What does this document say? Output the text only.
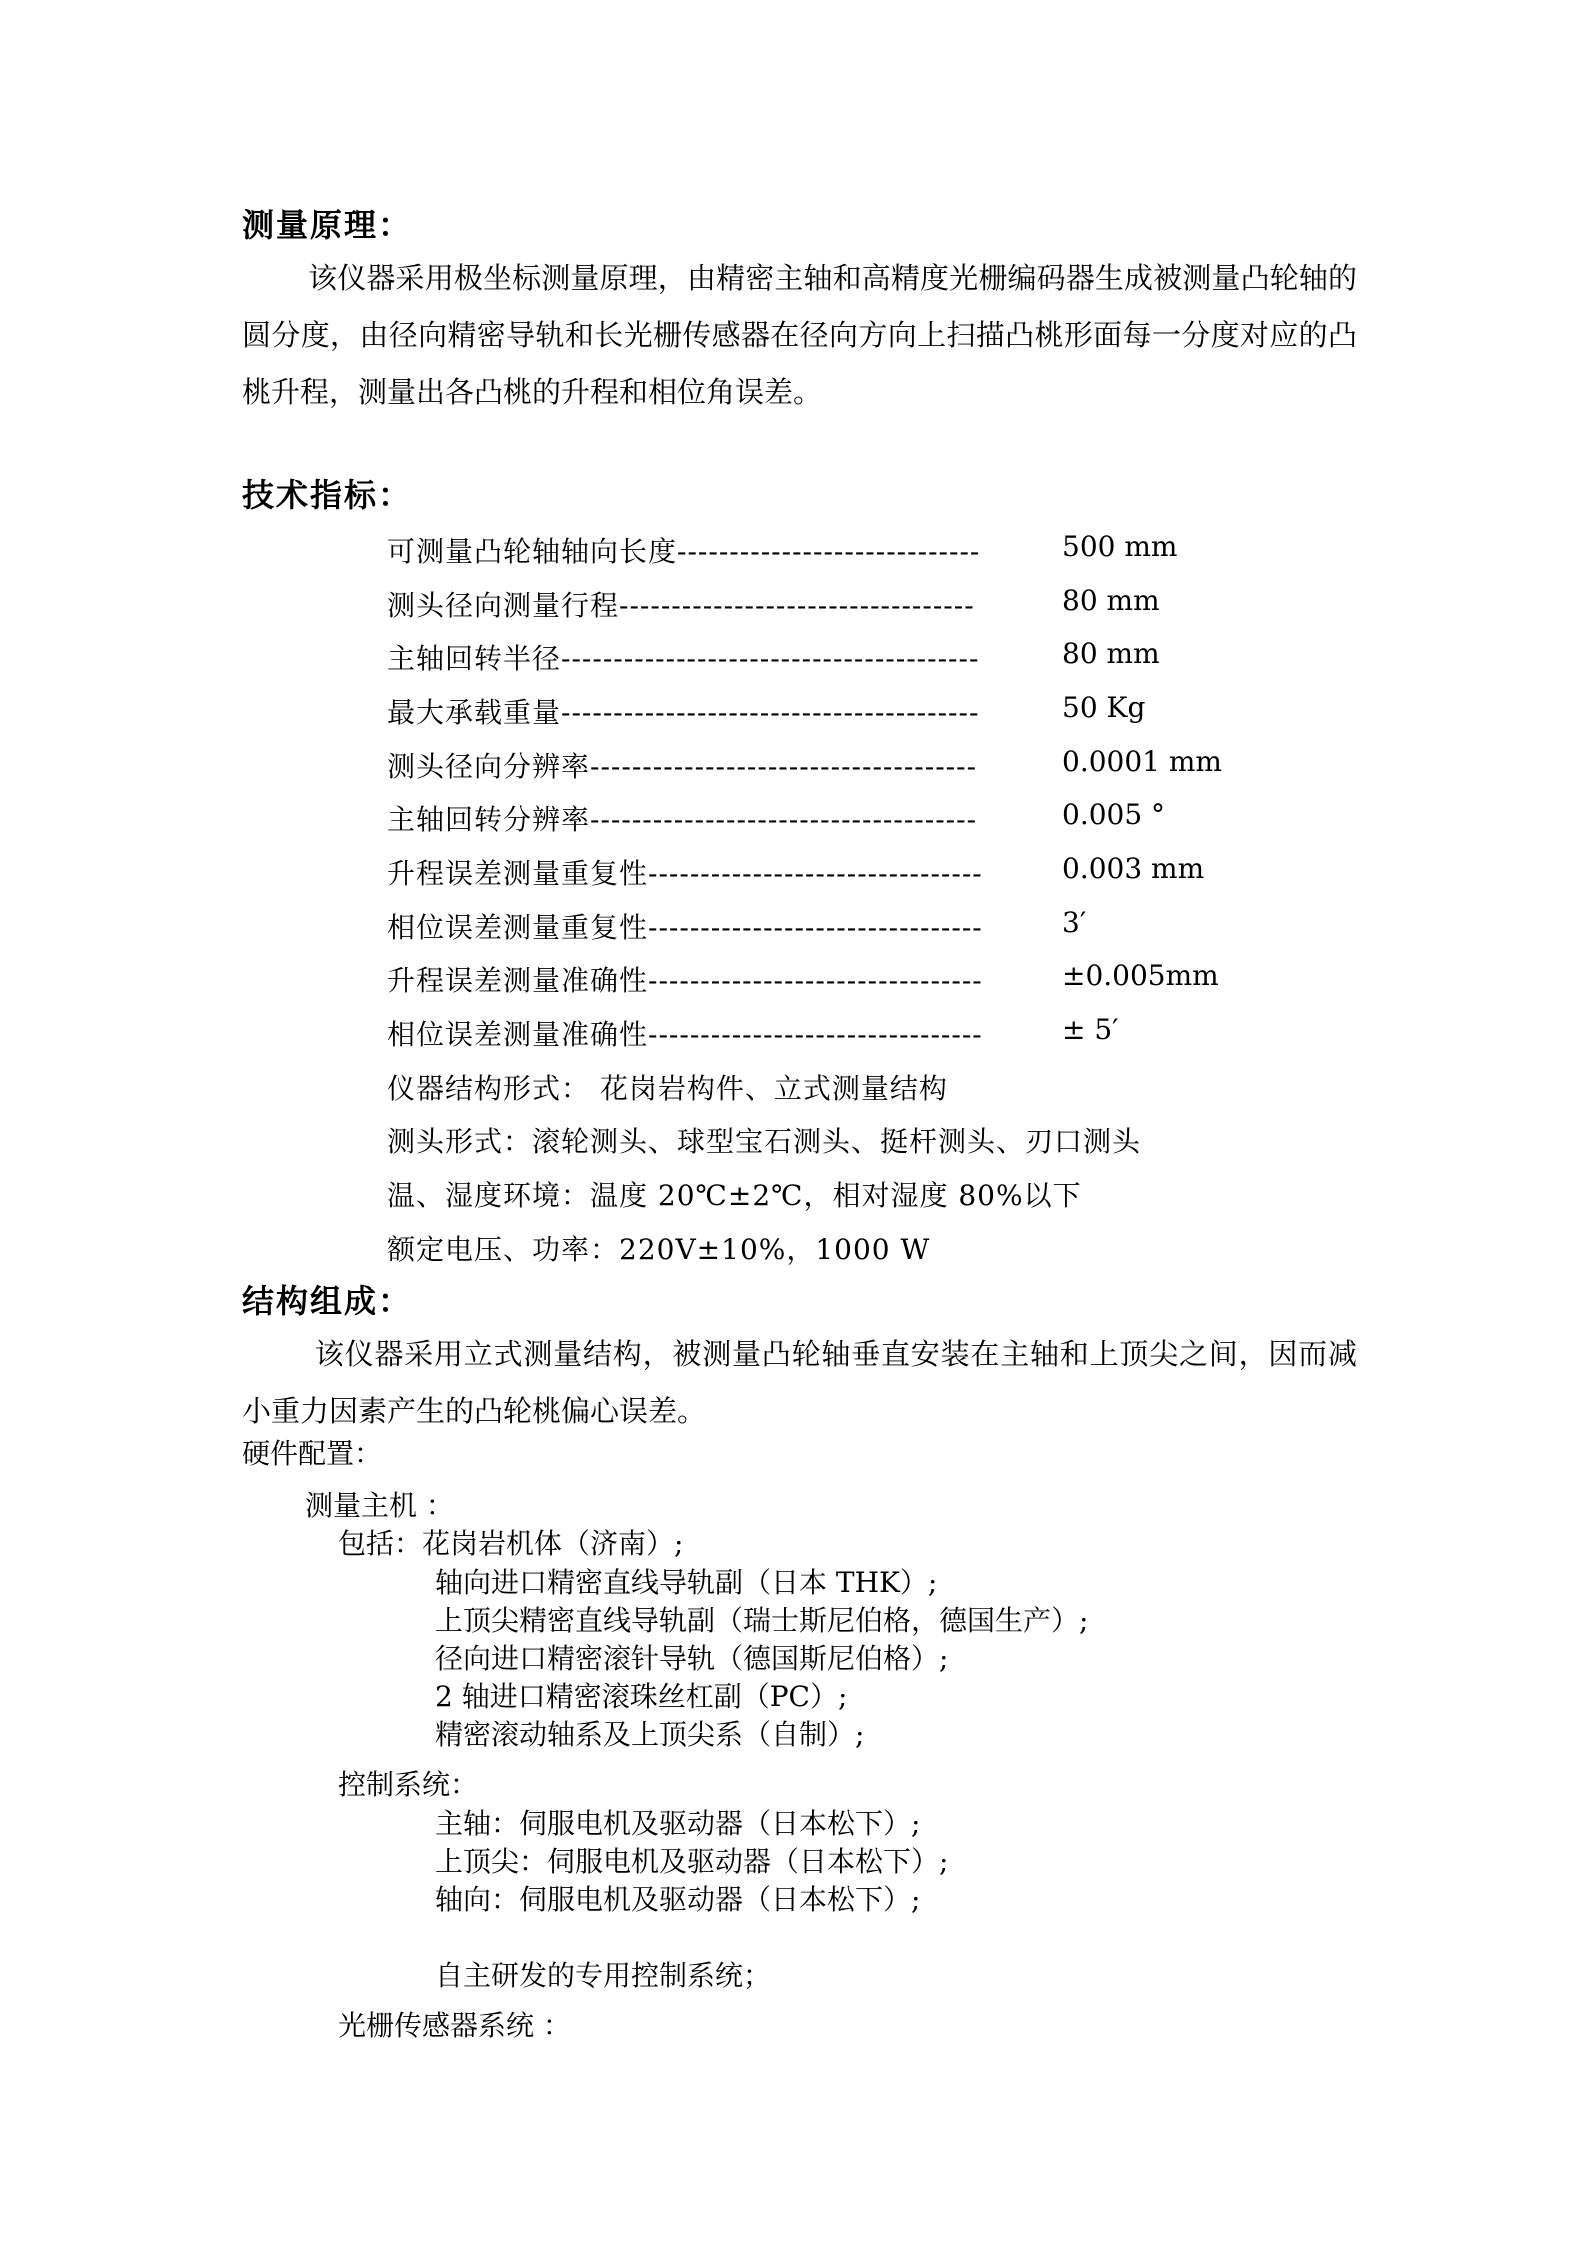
测量原理：

该仪器采用极坐标测量原理，由精密主轴和高精度光栅编码器生成被测量凸轮轴的圆分度，由径向精密导轨和长光栅传感器在径向方向上扫描凸桃形面每一分度对应的凸桃升程，测量出各凸桃的升程和相位角误差。

技术指标：
可测量凸轮轴轴向长度-----------------------------	500 mm
测头径向测量行程----------------------------------	80 mm
主轴回转半径----------------------------------------	80 mm
最大承载重量----------------------------------------	50 Kg
测头径向分辨率-------------------------------------	0.0001 mm
主轴回转分辨率-------------------------------------	0.005 °
升程误差测量重复性--------------------------------	0.003 mm
相位误差测量重复性--------------------------------	3′
升程误差测量准确性--------------------------------	±0.005mm
相位误差测量准确性--------------------------------	± 5′
仪器结构形式： 花岗岩构件、立式测量结构
测头形式：滚轮测头、球型宝石测头、挺杆测头、刃口测头
温、湿度环境：温度 20℃±2℃，相对湿度 80%以下
额定电压、功率：220V±10%，1000 W
结构组成：

该仪器采用立式测量结构，被测量凸轮轴垂直安装在主轴和上顶尖之间，因而减小重力因素产生的凸轮桃偏心误差。

硬件配置：
测量主机 ：
包括：花岗岩机体（济南）;
轴向进口精密直线导轨副（日本 THK）;
上顶尖精密直线导轨副（瑞士斯尼伯格，德国生产）;
径向进口精密滚针导轨（德国斯尼伯格）;
2 轴进口精密滚珠丝杠副（PC）;
精密滚动轴系及上顶尖系（自制）;
控制系统：
主轴：伺服电机及驱动器（日本松下）;
上顶尖：伺服电机及驱动器（日本松下）;
轴向：伺服电机及驱动器（日本松下）;
自主研发的专用控制系统；
光栅传感器系统 ：
